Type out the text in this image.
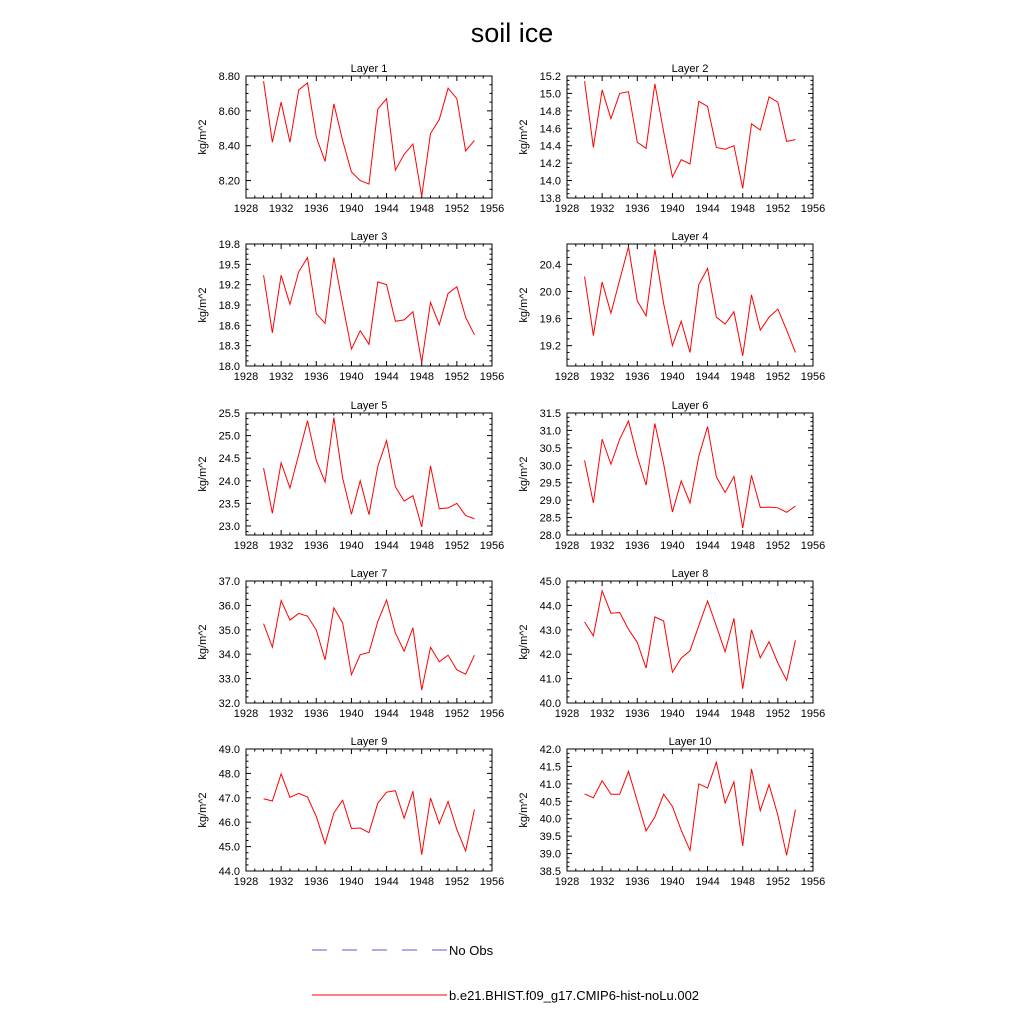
soil ice
Layer 1
kg/m^2
1928 1932 1936 1940 1944 1948 1952 1956
8.20
8.40
8.60
8.80
Layer 2
kg/m^2
1928 1932 1936 1940 1944 1948 1952 1956
13.8
14.0
14.2
14.4
14.6
14.8
15.0
15.2
Layer 3
kg/m^2
1928 1932 1936 1940 1944 1948 1952 1956
18.0
18.3
18.6
18.9
19.2
19.5
19.8
Layer 4
kg/m^2
1928 1932 1936 1940 1944 1948 1952 1956
19.2
19.6
20.0
20.4
Layer 5
kg/m^2
1928 1932 1936 1940 1944 1948 1952 1956
23.0
23.5
24.0
24.5
25.0
25.5
Layer 6
kg/m^2
1928 1932 1936 1940 1944 1948 1952 1956
28.0
28.5
29.0
29.5
30.0
30.5
31.0
31.5
Layer 7
kg/m^2
1928 1932 1936 1940 1944 1948 1952 1956
32.0
33.0
34.0
35.0
36.0
37.0
Layer 8
kg/m^2
1928 1932 1936 1940 1944 1948 1952 1956
40.0
41.0
42.0
43.0
44.0
45.0
Layer 9
kg/m^2
1928 1932 1936 1940 1944 1948 1952 1956
44.0
45.0
46.0
47.0
48.0
49.0
Layer 10
kg/m^2
1928 1932 1936 1940 1944 1948 1952 1956
38.5
39.0
39.5
40.0
40.5
41.0
41.5
42.0
No Obs
b.e21.BHIST.f09_g17.CMIP6-hist-noLu.002
